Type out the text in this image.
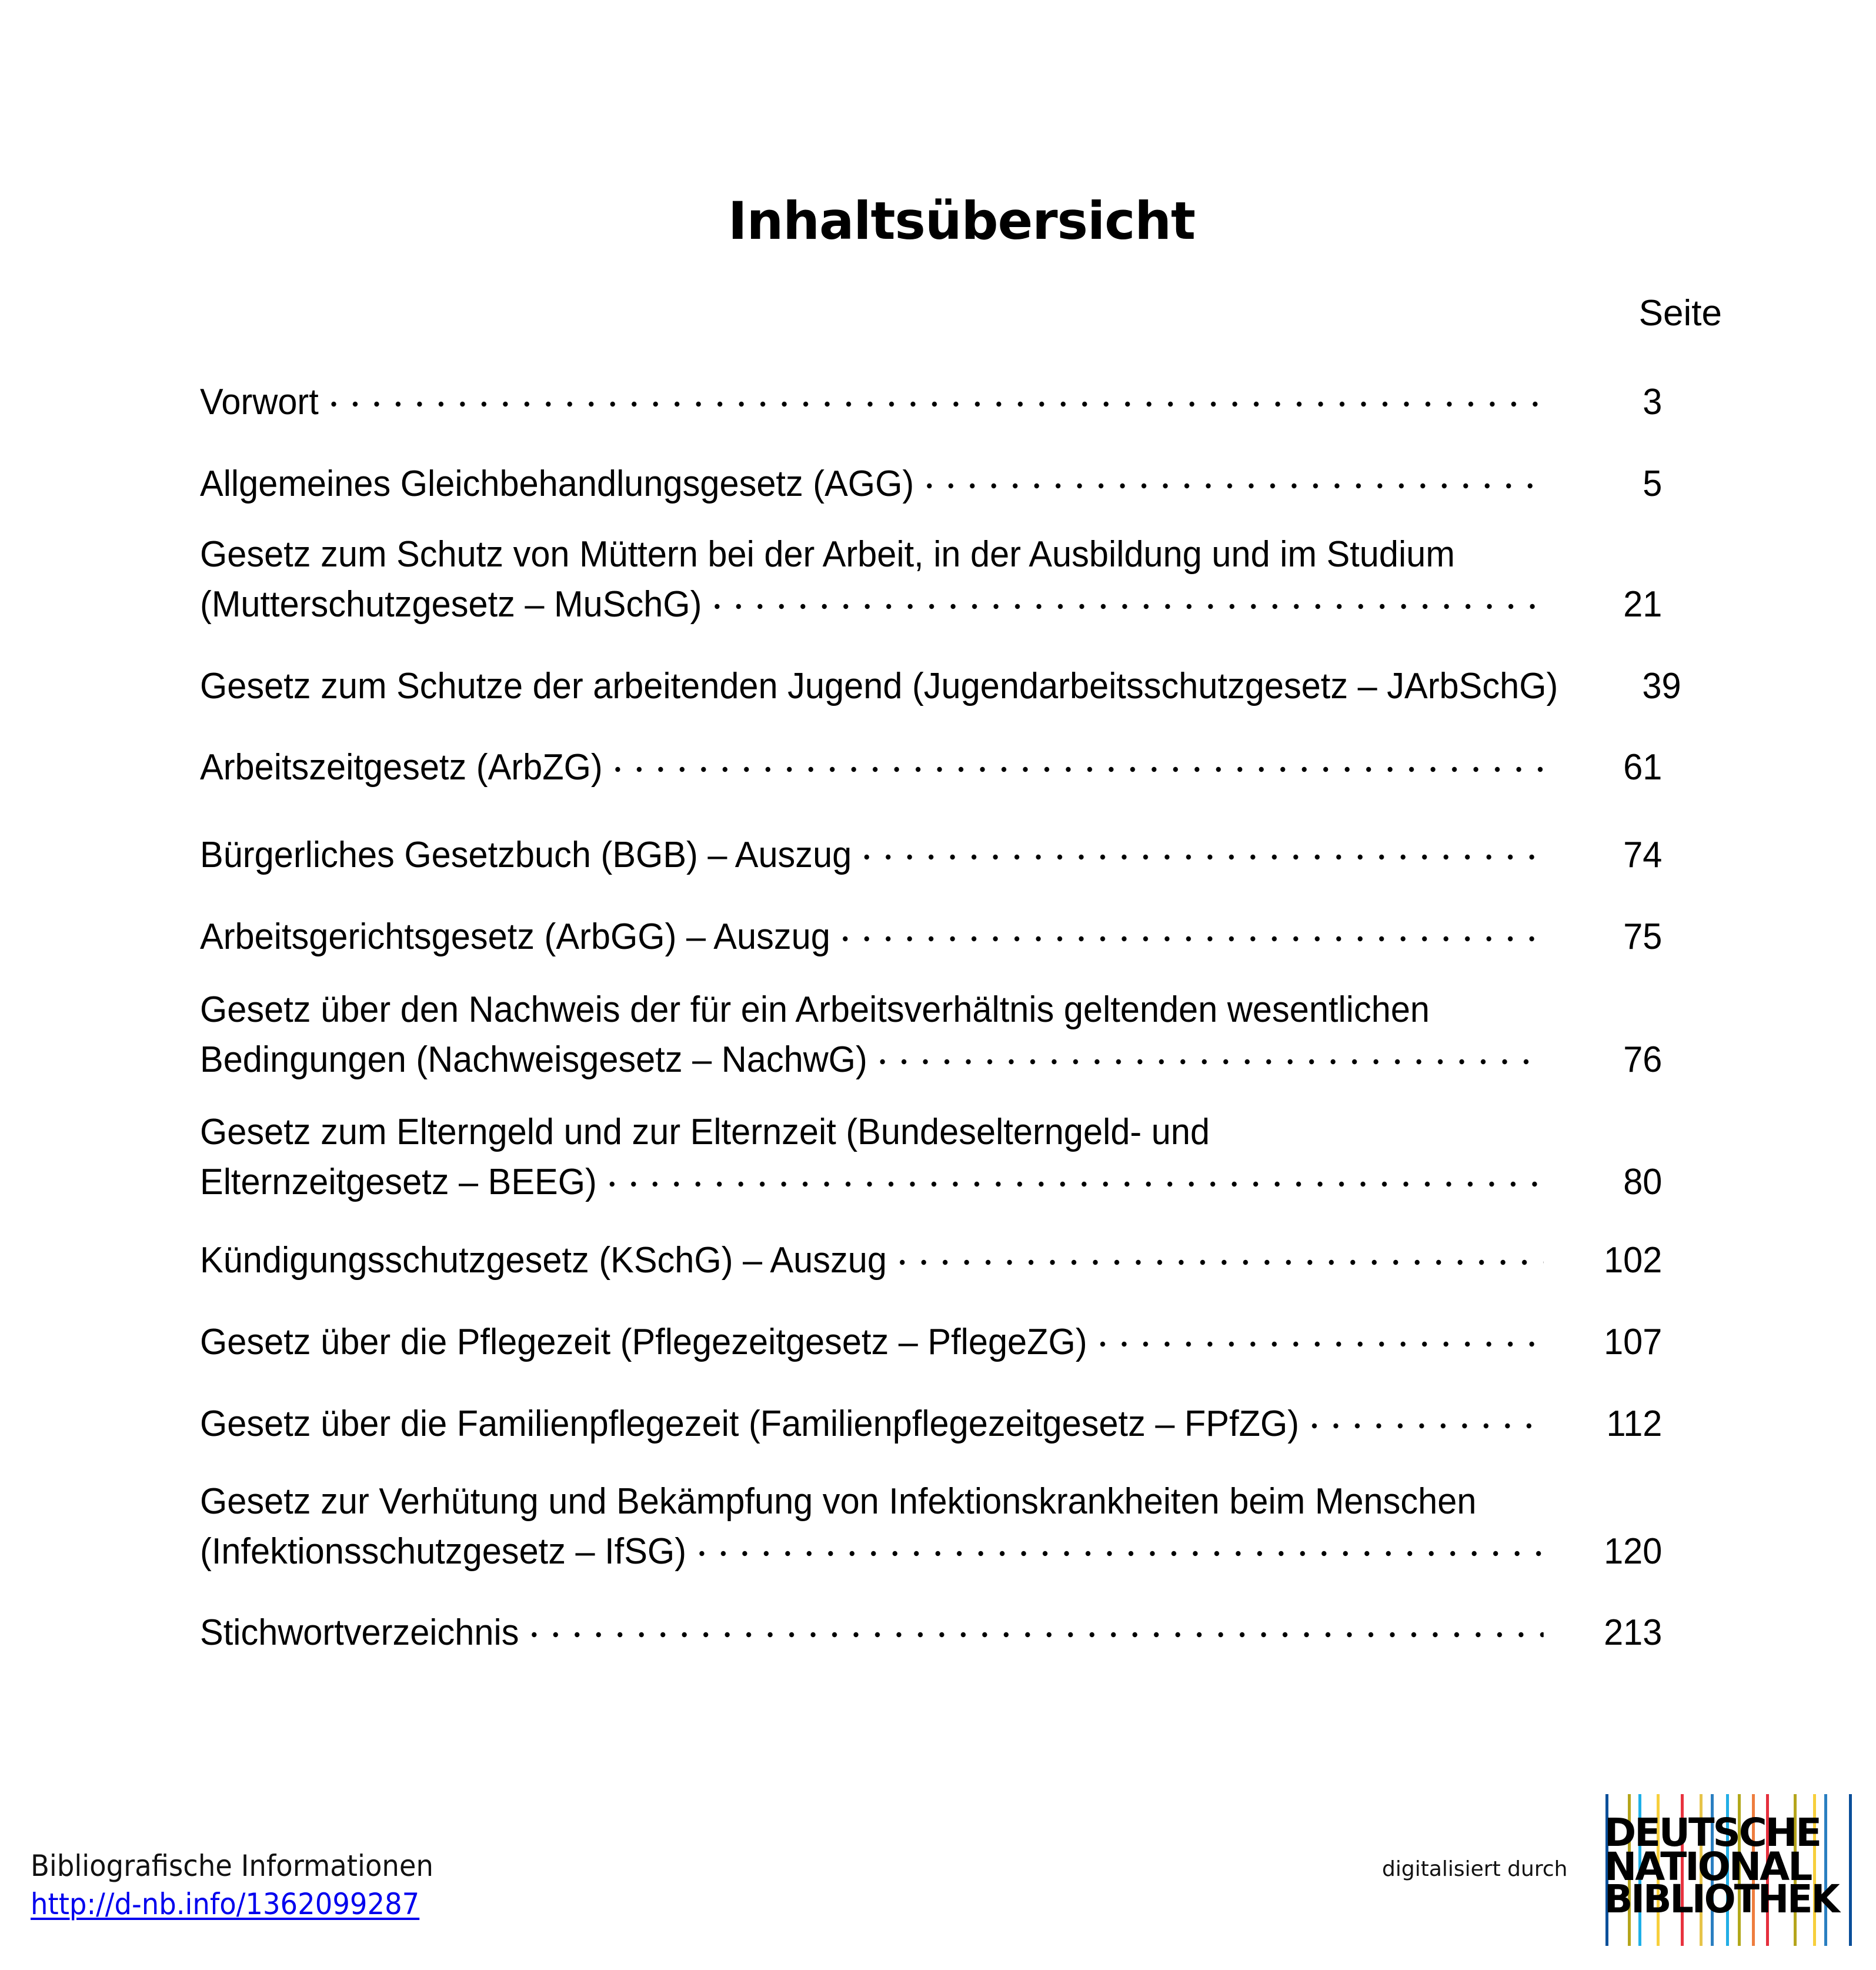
Inhaltsübersicht
Seite
Vorwort	3
Allgemeines Gleichbehandlungsgesetz (AGG)	5
Gesetz zum Schutz von Müttern bei der Arbeit, in der Ausbildung und im Studium
(Mutterschutzgesetz – MuSchG)	21
Gesetz zum Schutze der arbeitenden Jugend (Jugendarbeitsschutzgesetz – JArbSchG)	39
Arbeitszeitgesetz (ArbZG)	61
Bürgerliches Gesetzbuch (BGB) – Auszug	74
Arbeitsgerichtsgesetz (ArbGG) – Auszug	75
Gesetz über den Nachweis der für ein Arbeitsverhältnis geltenden wesentlichen
Bedingungen (Nachweisgesetz – NachwG)	76
Gesetz zum Elterngeld und zur Elternzeit (Bundeselterngeld- und
Elternzeitgesetz – BEEG)	80
Kündigungsschutzgesetz (KSchG) – Auszug	102
Gesetz über die Pflegezeit (Pflegezeitgesetz – PflegeZG)	107
Gesetz über die Familienpflegezeit (Familienpflegezeitgesetz – FPfZG)	112
Gesetz zur Verhütung und Bekämpfung von Infektionskrankheiten beim Menschen
(Infektionsschutzgesetz – IfSG)	120
Stichwortverzeichnis	213
Bibliografische Informationen
http://d-nb.info/1362099287
digitalisiert durch
DEUTSCHE
NATIONAL
BIBLIOTHEK
